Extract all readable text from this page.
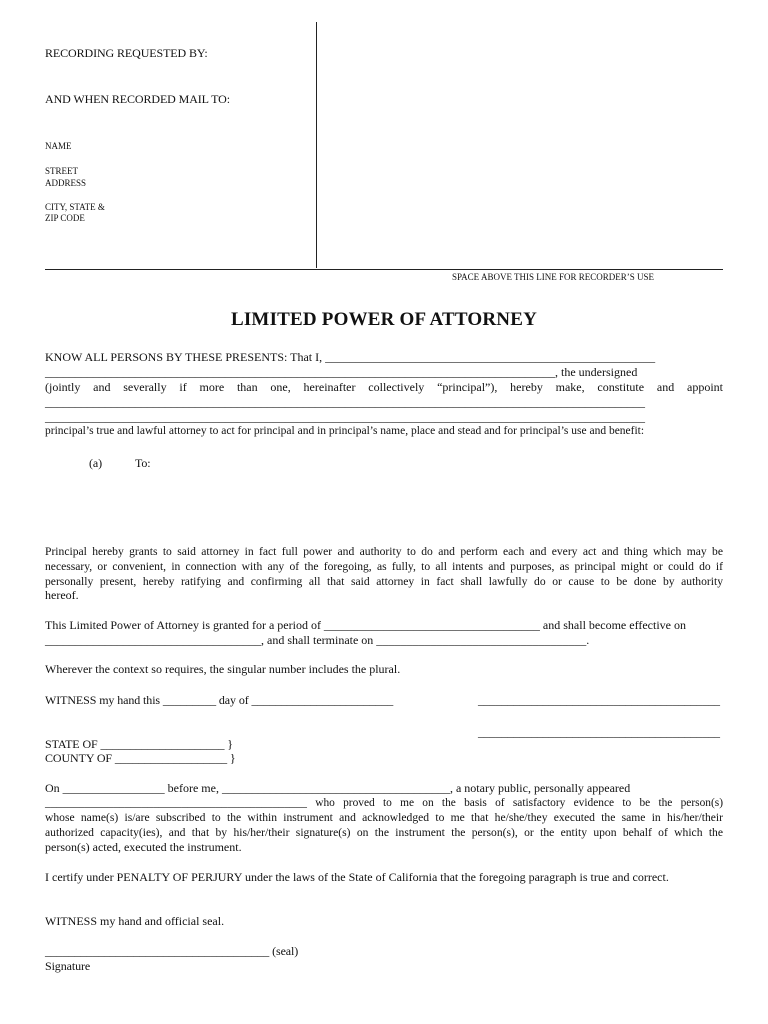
RECORDING REQUESTED BY:
AND WHEN RECORDED MAIL TO:
NAME
STREET
ADDRESS
CITY, STATE &
ZIP CODE
SPACE ABOVE THIS LINE FOR RECORDER’S USE
LIMITED POWER OF ATTORNEY
KNOW ALL PERSONS BY THESE PRESENTS: That I, _______________________________________________________
_____________________________________________________________________________________, the undersigned
(jointly and severally if more than one, hereinafter collectively “principal”), hereby make, constitute and appoint
____________________________________________________________________________________________________
____________________________________________________________________________________________________
principal’s true and lawful attorney to act for principal and in principal’s name, place and stead and for principal’s use and benefit:
(a)	To:
Principal hereby grants to said attorney in fact full power and authority to do and perform each and every act and thing which may be
necessary, or convenient, in connection with any of the foregoing, as fully, to all intents and purposes, as principal might or could do if
personally present, hereby ratifying and confirming all that said attorney in fact shall lawfully do or cause to be done by authority
hereof.
This Limited Power of Attorney is granted for a period of ____________________________________ and shall become effective on
____________________________________, and shall terminate on ___________________________________.
Wherever the context so requires, the singular number includes the plural.
WITNESS my hand this _________ day of ________________________	_________________________________________
_________________________________________
STATE OF _____________________ }
COUNTY OF ___________________ }
On _________________ before me, ______________________________________, a notary public, personally appeared
______________________________________________ who proved to me on the basis of satisfactory evidence to be the person(s)
whose name(s) is/are subscribed to the within instrument and acknowledged to me that he/she/they executed the same in his/her/their
authorized capacity(ies), and that by his/her/their signature(s) on the instrument the person(s), or the entity upon behalf of which the
person(s) acted, executed the instrument.
I certify under PENALTY OF PERJURY under the laws of the State of California that the foregoing paragraph is true and correct.
WITNESS my hand and official seal.
______________________________________ (seal)
Signature
